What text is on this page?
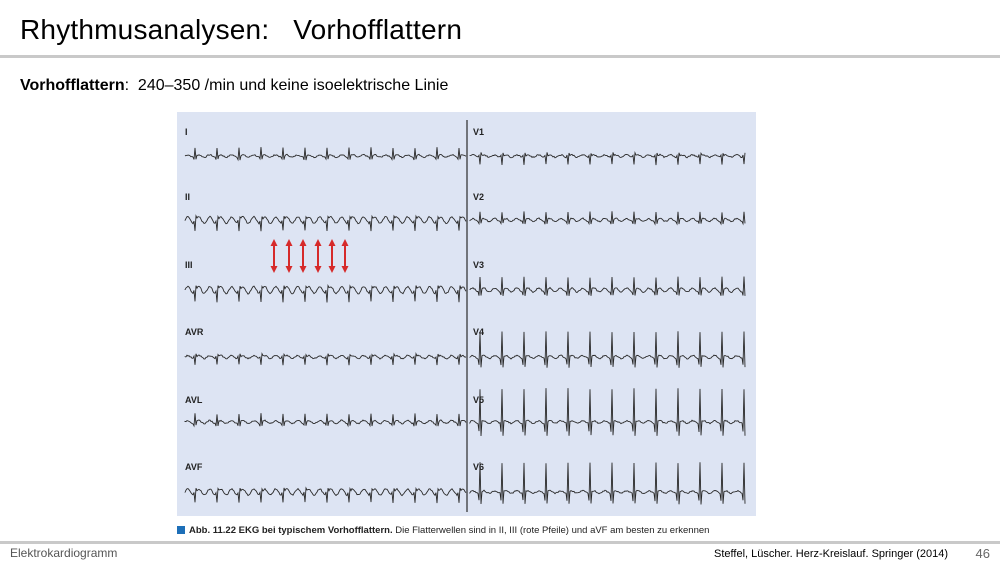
Rhythmusanalysen:   Vorhofflattern
Vorhofflattern:  240–350 /min und keine isoelektrische Linie
I
II
III
AVR
AVL
AVF
V1
V2
V3
V4
V5
V6
Abb. 11.22 EKG bei typischem Vorhofflattern. Die Flatterwellen sind in II, III (rote Pfeile) und aVF am besten zu erkennen
Elektrokardiogramm	Steffel, Lüscher. Herz-Kreislauf. Springer (2014) 46
